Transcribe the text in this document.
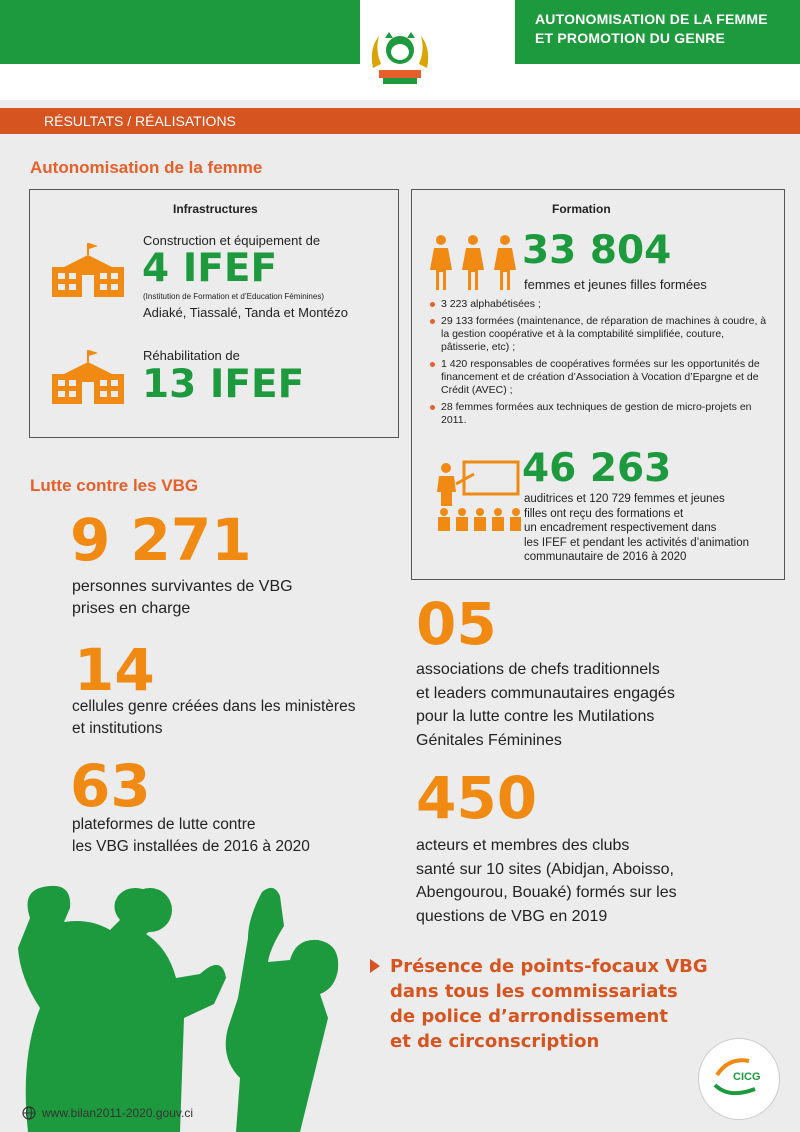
AUTONOMISATION DE LA FEMME
ET PROMOTION DU GENRE
RÉSULTATS / RÉALISATIONS
Autonomisation de la femme
Infrastructures
Construction et équipement de
4 IFEF
(Institution de Formation et d’Education Féminines)
Adiaké, Tiassalé, Tanda et Montézo
Réhabilitation de
13 IFEF
Formation
33 804
femmes et jeunes filles formées
3 223 alphabétisées ;
29 133 formées (maintenance, de réparation de machines à coudre, à la gestion coopérative et à la comptabilité simplifiée, couture, pâtisserie, etc) ;
1 420 responsables de coopératives formées sur les opportunités de financement et de création d’Association à Vocation d’Epargne et de Crédit (AVEC) ;
28 femmes formées aux techniques de gestion de micro-projets en 2011.
46 263
auditrices et 120 729 femmes et jeunes
filles ont reçu des formations et
un encadrement respectivement dans
les IFEF et pendant les activités d’animation
communautaire de 2016 à 2020
Lutte contre les VBG
9 271
personnes survivantes de VBG
prises en charge
14
cellules genre créées dans les ministères
et institutions
63
plateformes de lutte contre
les VBG installées de 2016 à 2020
05
associations de chefs traditionnels
et leaders communautaires engagés
pour la lutte contre les Mutilations
Génitales Féminines
450
acteurs et membres des clubs
santé sur 10 sites (Abidjan, Aboisso,
Abengourou, Bouaké) formés sur les
questions de VBG en 2019
Présence de points-focaux VBG
dans tous les commissariats
de police d’arrondissement
et de circonscription
CICG
www.bilan2011-2020.gouv.ci
